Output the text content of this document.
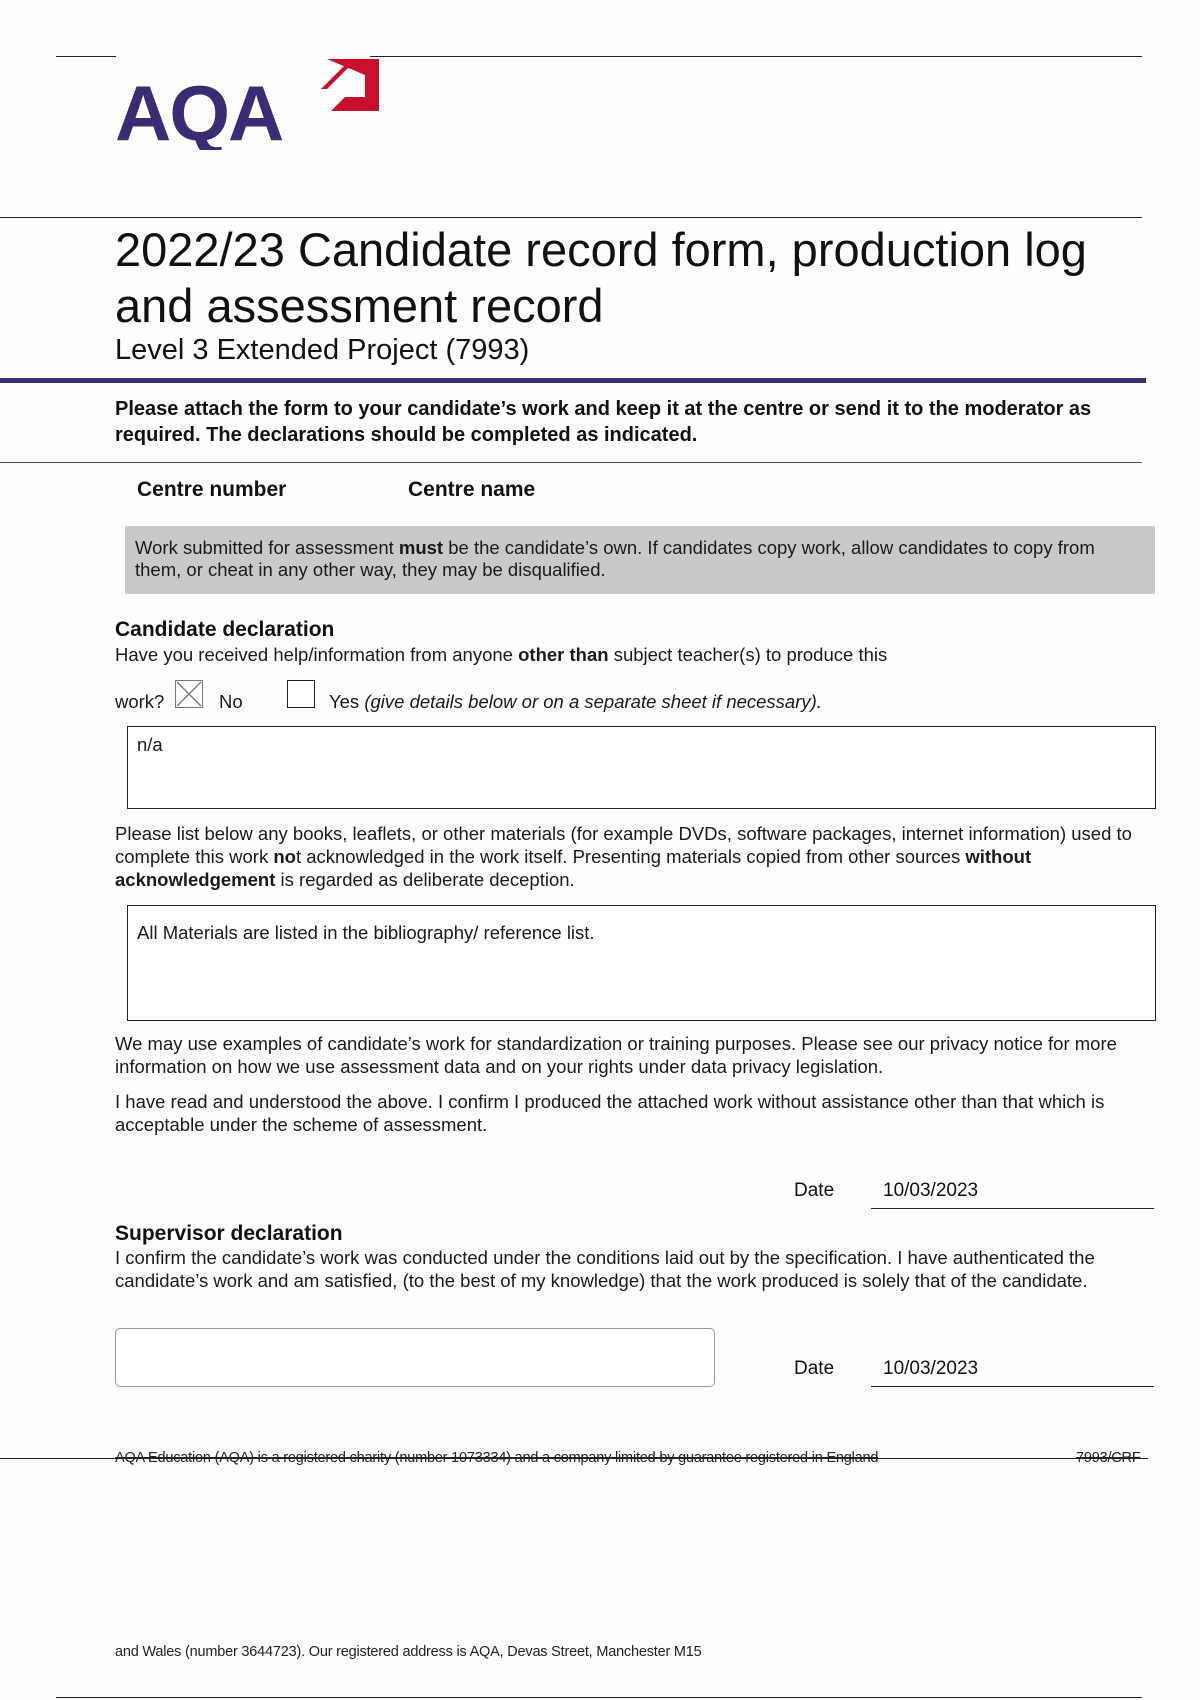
AQA
2022/23 Candidate record form, production log and assessment record
Level 3 Extended Project (7993)
Please attach the form to your candidate’s work and keep it at the centre or send it to the moderator as required. The declarations should be completed as indicated.
Centre number	Centre name
Work submitted for assessment must be the candidate’s own. If candidates copy work, allow candidates to copy from them, or cheat in any other way, they may be disqualified.
Candidate declaration
Have you received help/information from anyone other than subject teacher(s) to produce this
work?	No	Yes (give details below or on a separate sheet if necessary).
n/a
Please list below any books, leaflets, or other materials (for example DVDs, software packages, internet information) used to complete this work not acknowledged in the work itself. Presenting materials copied from other sources without acknowledgement is regarded as deliberate deception.
All Materials are listed in the bibliography/ reference list.
We may use examples of candidate’s work for standardization or training purposes. Please see our privacy notice for more information on how we use assessment data and on your rights under data privacy legislation.
I have read and understood the above. I confirm I produced the attached work without assistance other than that which is acceptable under the scheme of assessment.
Date	10/03/2023
Supervisor declaration
I confirm the candidate’s work was conducted under the conditions laid out by the specification. I have authenticated the candidate’s work and am satisfied, (to the best of my knowledge) that the work produced is solely that of the candidate.
Date	10/03/2023
AQA Education (AQA) is a registered charity (number 1073334) and a company limited by guarantee registered in England	7993/CRF
and Wales (number 3644723). Our registered address is AQA, Devas Street, Manchester M15
